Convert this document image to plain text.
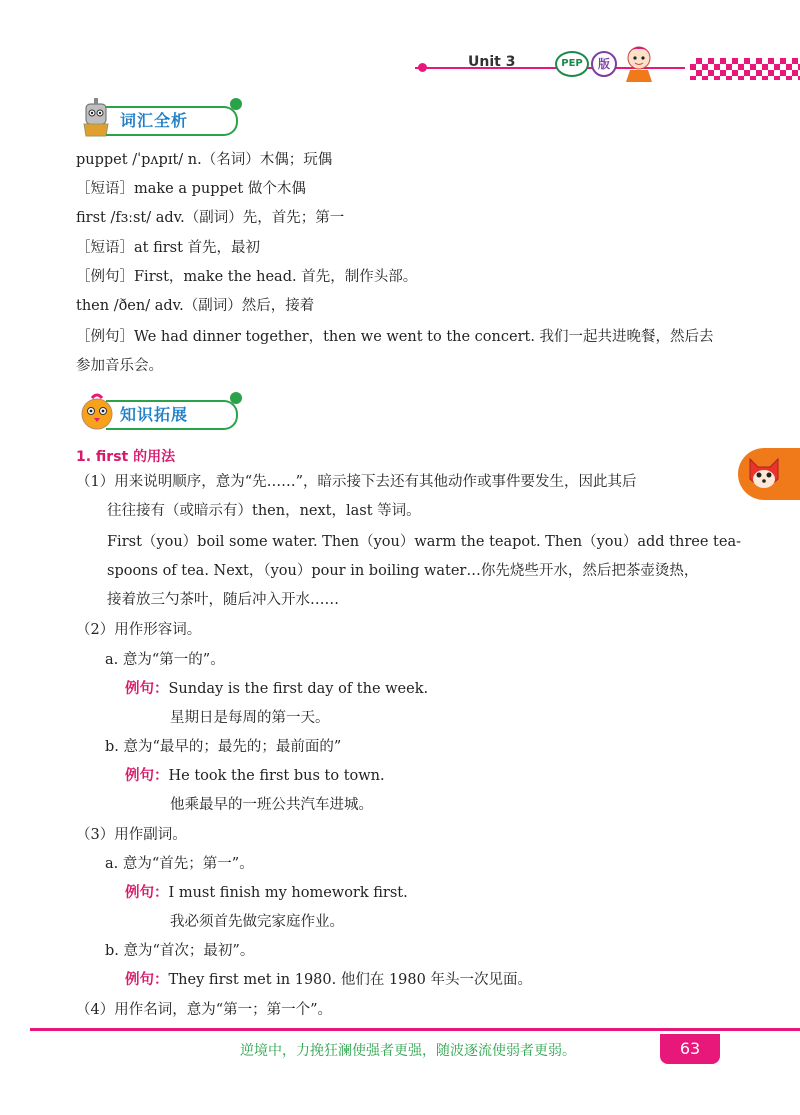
Unit 3	PEP	版
词汇全析
puppet /ˈpʌpɪt/ n.（名词）木偶；玩偶
［短语］make a puppet 做个木偶
first /fɜːst/ adv.（副词）先，首先；第一
［短语］at first 首先，最初
［例句］First，make the head. 首先，制作头部。
then /ðen/ adv.（副词）然后，接着
［例句］We had dinner together，then we went to the concert. 我们一起共进晚餐，然后去
参加音乐会。
知识拓展
1. first 的用法
（1）用来说明顺序，意为“先……”，暗示接下去还有其他动作或事件要发生，因此其后
往往接有（或暗示有）then，next，last 等词。
First（you）boil some water. Then（you）warm the teapot. Then（you）add three tea-
spoons of tea. Next，（you）pour in boiling water…你先烧些开水，然后把茶壶烫热，
接着放三勺茶叶，随后冲入开水……
（2）用作形容词。
a. 意为“第一的”。
例句：Sunday is the first day of the week.
星期日是每周的第一天。
b. 意为“最早的；最先的；最前面的”
例句：He took the first bus to town.
他乘最早的一班公共汽车进城。
（3）用作副词。
a. 意为“首先；第一”。
例句：I must finish my homework first.
我必须首先做完家庭作业。
b. 意为“首次；最初”。
例句：They first met in 1980. 他们在 1980 年头一次见面。
（4）用作名词，意为“第一；第一个”。
逆境中，力挽狂澜使强者更强，随波逐流使弱者更弱。	63
